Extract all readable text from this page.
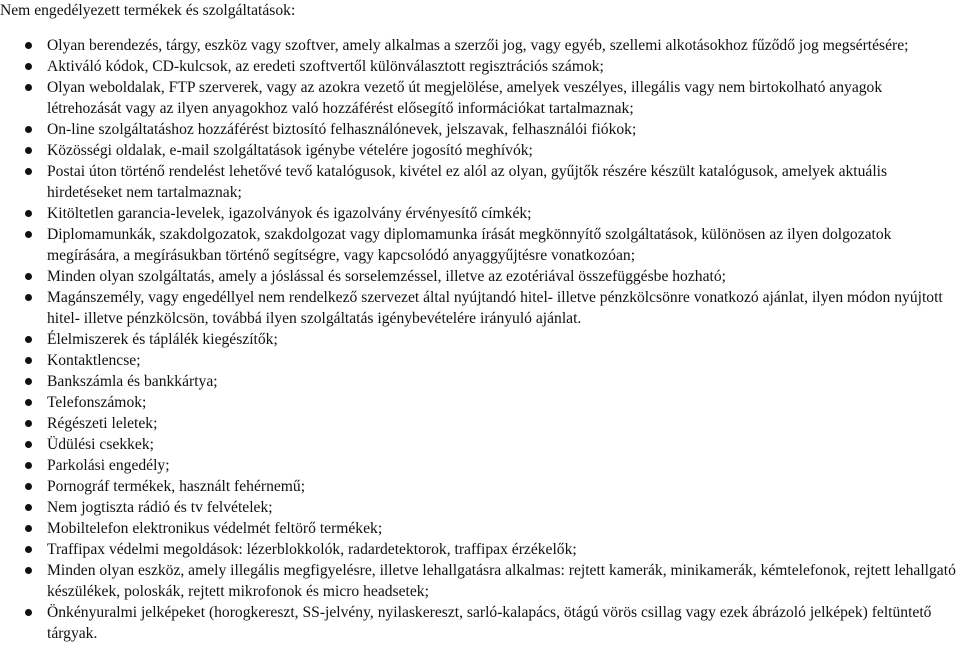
Nem engedélyezett termékek és szolgáltatások:

Olyan berendezés, tárgy, eszköz vagy szoftver, amely alkalmas a szerzői jog, vagy egyéb, szellemi alkotásokhoz fűződő jog megsértésére;
Aktiváló kódok, CD-kulcsok, az eredeti szoftvertől különválasztott regisztrációs számok;
Olyan weboldalak, FTP szerverek, vagy az azokra vezető út megjelölése, amelyek veszélyes, illegális vagy nem birtokolható anyagok létrehozását vagy az ilyen anyagokhoz való hozzáférést elősegítő információkat tartalmaznak;
On-line szolgáltatáshoz hozzáférést biztosító felhasználónevek, jelszavak, felhasználói fiókok;
Közösségi oldalak, e-mail szolgáltatások igénybe vételére jogosító meghívók;
Postai úton történő rendelést lehetővé tevő katalógusok, kivétel ez alól az olyan, gyűjtők részére készült katalógusok, amelyek aktuális hirdetéseket nem tartalmaznak;
Kitöltetlen garancia-levelek, igazolványok és igazolvány érvényesítő címkék;
Diplomamunkák, szakdolgozatok, szakdolgozat vagy diplomamunka írását megkönnyítő szolgáltatások, különösen az ilyen dolgozatok megírására, a megírásukban történő segítségre, vagy kapcsolódó anyaggyűjtésre vonatkozóan;
Minden olyan szolgáltatás, amely a jóslással és sorselemzéssel, illetve az ezotériával összefüggésbe hozható;
Magánszemély, vagy engedéllyel nem rendelkező szervezet által nyújtandó hitel- illetve pénzkölcsönre vonatkozó ajánlat, ilyen módon nyújtott hitel- illetve pénzkölcsön, továbbá ilyen szolgáltatás igénybevételére irányuló ajánlat.
Élelmiszerek és táplálék kiegészítők;
Kontaktlencse;
Bankszámla és bankkártya;
Telefonszámok;
Régészeti leletek;
Üdülési csekkek;
Parkolási engedély;
Pornográf termékek, használt fehérnemű;
Nem jogtiszta rádió és tv felvételek;
Mobiltelefon elektronikus védelmét feltörő termékek;
Traffipax védelmi megoldások: lézerblokkolók, radardetektorok, traffipax érzékelők;
Minden olyan eszköz, amely illegális megfigyelésre, illetve lehallgatásra alkalmas: rejtett kamerák, minikamerák, kémtelefonok, rejtett lehallgató készülékek, poloskák, rejtett mikrofonok és micro headsetek;
Önkényuralmi jelképeket (horogkereszt, SS-jelvény, nyilaskereszt, sarló-kalapács, ötágú vörös csillag vagy ezek ábrázoló jelképek) feltüntető tárgyak.
